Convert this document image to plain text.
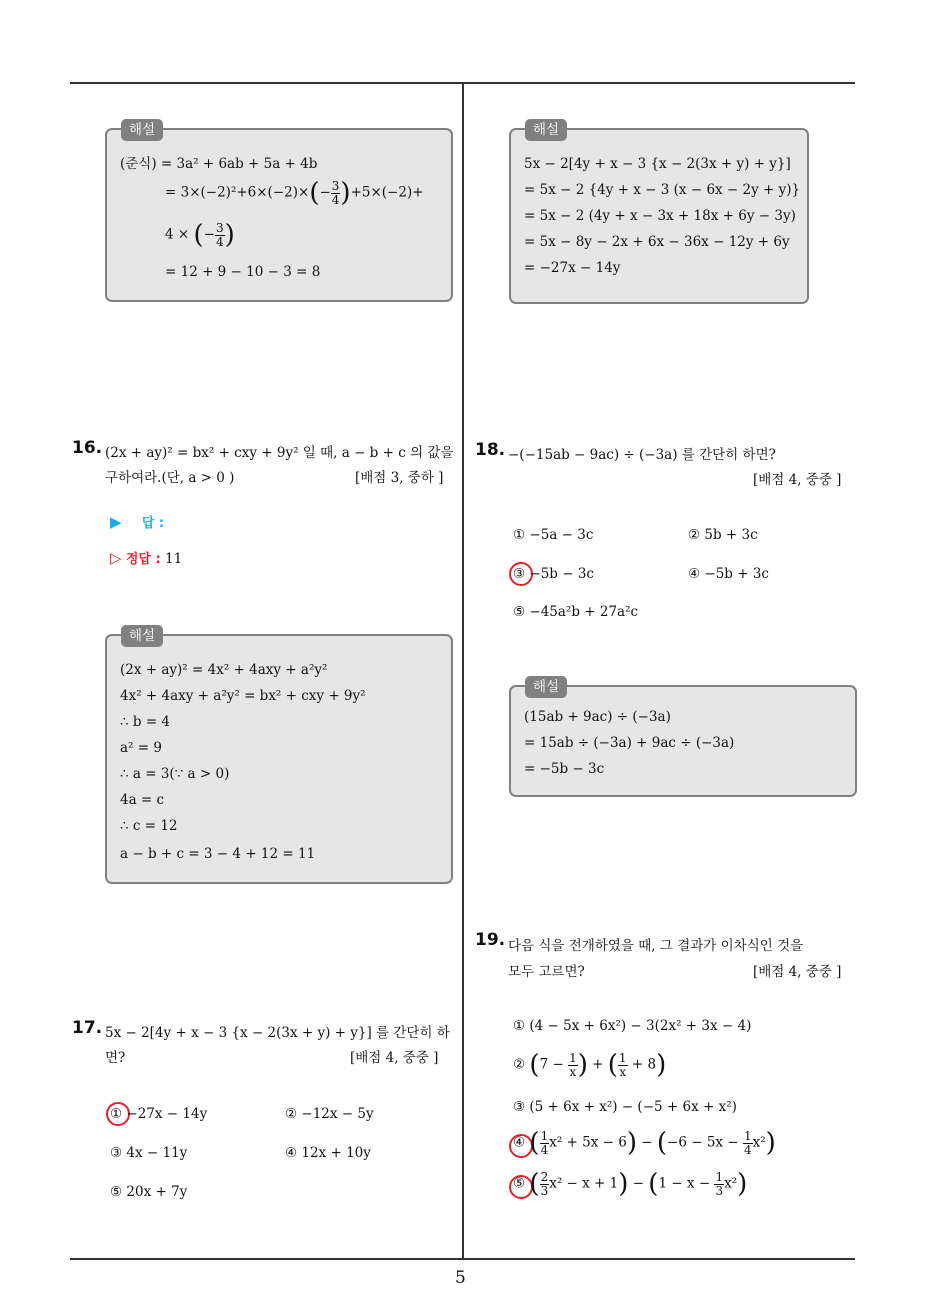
5
해설
(준식) = 3a² + 6ab + 5a + 4b
= $3\times(-2)^2+6\times(-2)\times(- \frac{3}{4} )+5\times(-2)+$
4 × (− $\frac{3}{4}$ )
= 12 + 9 − 10 − 3 = 8
16. (2x + ay)² = bx² + cxy + 9y² 일 때, a − b + c 의 값을
구하여라.(단, a > 0 )	[배점 3, 중하 ]
▶ 답 :
▷ 정답 : 11
해설
(2x + ay)² = 4x² + 4axy + a²y²
4x² + 4axy + a²y² = bx² + cxy + 9y²
∴ b = 4
a² = 9
∴ a = 3(∵ a > 0)
4a = c
∴ c = 12
a − b + c = 3 − 4 + 12 = 11
17. 5x − 2[4y + x − 3 {x − 2(3x + y) + y}] 를 간단히 하
면?	[배점 4, 중중 ]
① −27x − 14y	② −12x − 5y
③ 4x − 11y	④ 12x + 10y
⑤ 20x + 7y
해설
5x − 2[4y + x − 3 {x − 2(3x + y) + y}]
= 5x − 2 {4y + x − 3 (x − 6x − 2y + y)}
= 5x − 2 (4y + x − 3x + 18x + 6y − 3y)
= 5x − 8y − 2x + 6x − 36x − 12y + 6y
= −27x − 14y
18. −(−15ab − 9ac) ÷ (−3a) 를 간단히 하면?
[배점 4, 중중 ]
① −5a − 3c	② 5b + 3c
③ −5b − 3c	④ −5b + 3c
⑤ −45a²b + 27a²c
해설
(15ab + 9ac) ÷ (−3a)
= 15ab ÷ (−3a) + 9ac ÷ (−3a)
= −5b − 3c
19. 다음 식을 전개하였을 때, 그 결과가 이차식인 것을
모두 고르면?	[배점 4, 중중 ]
① (4 − 5x + 6x²) − 3(2x² + 3x − 4)
② ($7 - \frac{1}{x}$ ) + ( $\frac{1}{x} + 8$)
③ (5 + 6x + x²) − (−5 + 6x + x²)
④ ( $\frac{1}{4} x^2 + 5x - 6) - (-6 - 5x - \frac{1}{4} x^2)$
⑤ ( $\frac{2}{3} x^2 - x + 1) - (1 - x - \frac{1}{3} x^2)$
